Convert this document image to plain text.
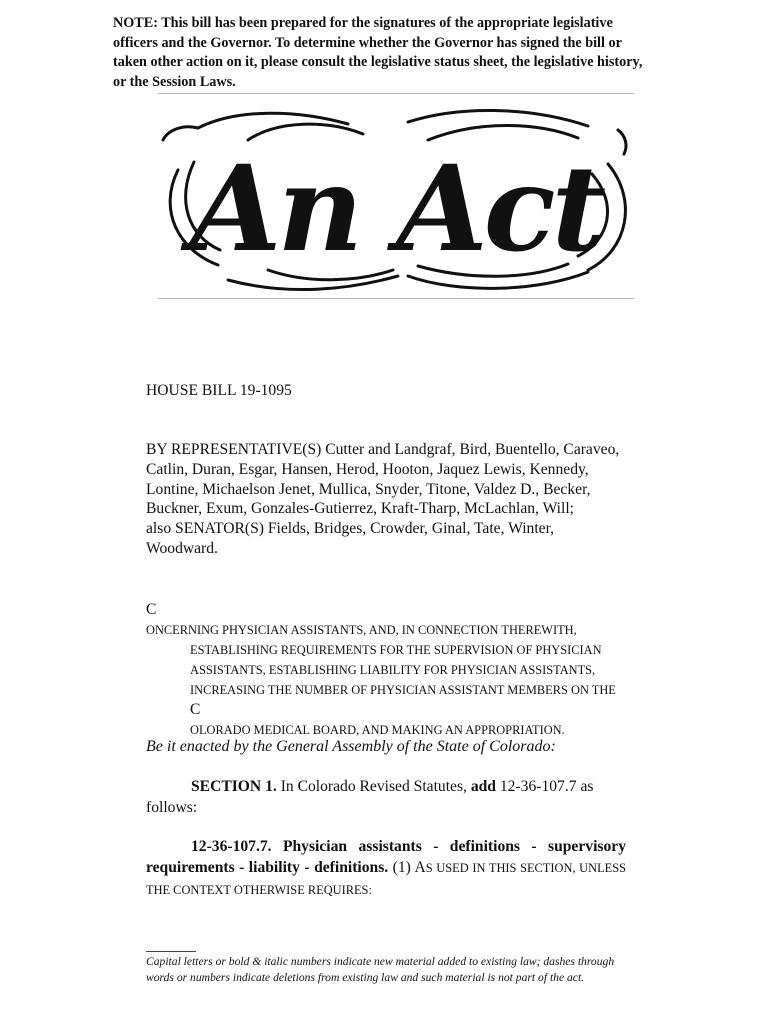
NOTE: This bill has been prepared for the signatures of the appropriate legislative officers and the Governor. To determine whether the Governor has signed the bill or taken other action on it, please consult the legislative status sheet, the legislative history, or the Session Laws.
An Act
HOUSE BILL 19-1095
BY REPRESENTATIVE(S) Cutter and Landgraf, Bird, Buentello, Caraveo,
Catlin, Duran, Esgar, Hansen, Herod, Hooton, Jaquez Lewis, Kennedy,
Lontine, Michaelson Jenet, Mullica, Snyder, Titone, Valdez D., Becker,
Buckner, Exum, Gonzales-Gutierrez, Kraft-Tharp, McLachlan, Will;
also SENATOR(S) Fields, Bridges, Crowder, Ginal, Tate, Winter,
Woodward.
C
ONCERNING PHYSICIAN ASSISTANTS, AND, IN CONNECTION THEREWITH,
ESTABLISHING REQUIREMENTS FOR THE SUPERVISION OF PHYSICIAN
ASSISTANTS, ESTABLISHING LIABILITY FOR PHYSICIAN ASSISTANTS,
INCREASING THE NUMBER OF PHYSICIAN ASSISTANT MEMBERS ON THE
C
OLORADO MEDICAL BOARD, AND MAKING AN APPROPRIATION.
Be it enacted by the General Assembly of the State of Colorado:
SECTION 1. In Colorado Revised Statutes, add 12-36-107.7 as follows:
12-36-107.7. Physician assistants - definitions - supervisory requirements - liability - definitions. (1) AS USED IN THIS SECTION, UNLESS THE CONTEXT OTHERWISE REQUIRES:
Capital letters or bold & italic numbers indicate new material added to existing law; dashes through words or numbers indicate deletions from existing law and such material is not part of the act.
